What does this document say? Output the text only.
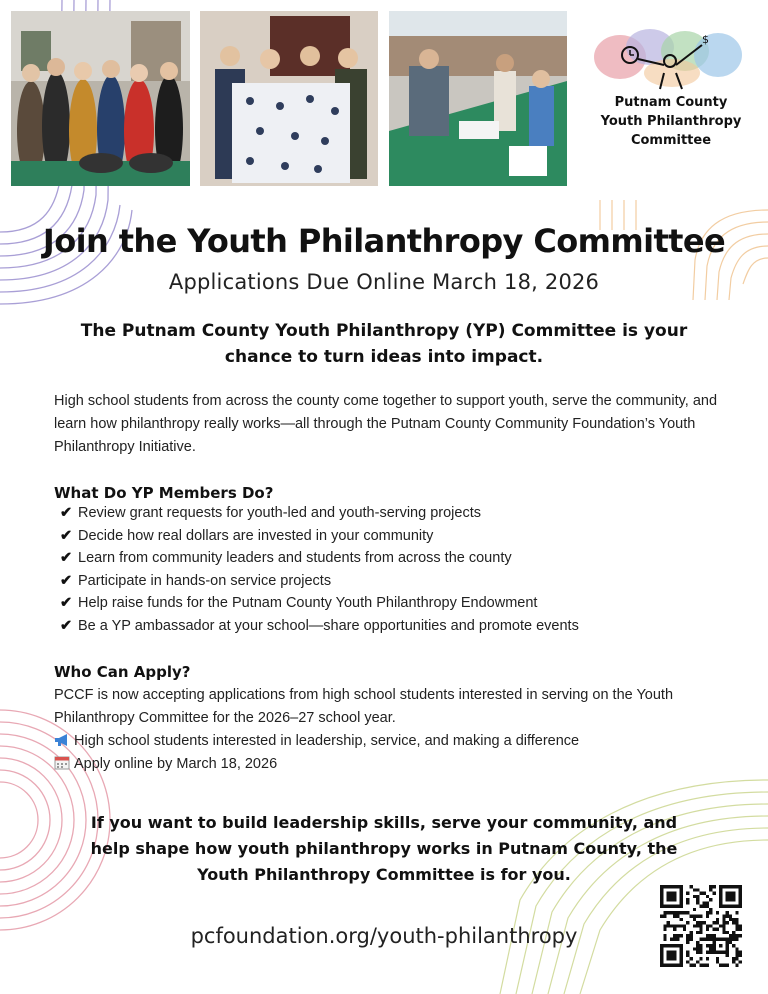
$
Putnam County
Youth Philanthropy
Committee
Join the Youth Philanthropy Committee
Applications Due Online March 18, 2026
The Putnam County Youth Philanthropy (YP) Committee is your chance to turn ideas into impact.
High school students from across the county come together to support youth, serve the community, and learn how philanthropy really works—all through the Putnam County Community Foundation’s Youth Philanthropy Initiative.
What Do YP Members Do?
✔ Review grant requests for youth-led and youth-serving projects
✔ Decide how real dollars are invested in your community
✔ Learn from community leaders and students from across the county
✔ Participate in hands-on service projects
✔ Help raise funds for the Putnam County Youth Philanthropy Endowment
✔ Be a YP ambassador at your school—share opportunities and promote events
Who Can Apply?
PCCF is now accepting applications from high school students interested in serving on the Youth Philanthropy Committee for the 2026–27 school year.
High school students interested in leadership, service, and making a difference
Apply online by March 18, 2026
If you want to build leadership skills, serve your community, and help shape how youth philanthropy works in Putnam County, the Youth Philanthropy Committee is for you.
pcfoundation.org/youth-philanthropy
